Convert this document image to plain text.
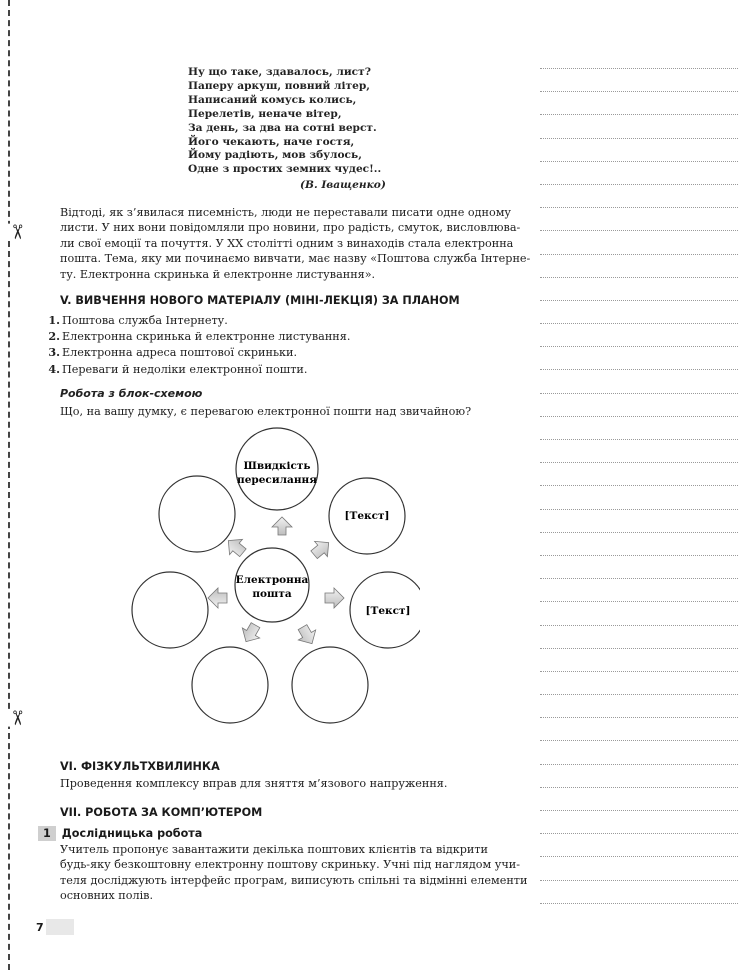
✂
✂
Ну що таке, здавалось, лист?
Паперу аркуш, повний літер,
Написаний комусь колись,
Перелетів, неначе вітер,
За день, за два на сотні верст.
Його чекають, наче гостя,
Йому радіють, мов збулось,
Одне з простих земних чудес!..
(В. Іващенко)
Відтоді, як з’явилася писемність, люди не переставали писати одне одному
листи. У них вони повідомляли про новини, про радість, смуток, висловлюва-
ли свої емоції та почуття. У XX столітті одним з винаходів стала електронна
пошта. Тема, яку ми починаємо вивчати, має назву «Поштова служба Інтерне-
ту. Електронна скринька й електронне листування».
V. ВИВЧЕННЯ НОВОГО МАТЕРІАЛУ (МІНІ-ЛЕКЦІЯ) ЗА ПЛАНОМ
1. Поштова служба Інтернету.
2. Електронна скринька й електронне листування.
3. Електронна адреса поштової скриньки.
4. Переваги й недоліки електронної пошти.
Робота з блок-схемою
Що, на вашу думку, є перевагою електронної пошти над звичайною?
Швидкість
пересилання
Електронна
пошта
[Текст]
[Текст]
VI. ФІЗКУЛЬТХВИЛИНКА
Проведення комплексу вправ для зняття м’язового напруження.
VII. РОБОТА ЗА КОМП’ЮТЕРОМ
1 Дослідницька робота
Учитель пропонує завантажити декілька поштових клієнтів та відкрити
будь-яку безкоштовну електронну поштову скриньку. Учні під наглядом учи-
теля досліджують інтерфейс програм, виписують спільні та відмінні елементи
основних полів.
7
